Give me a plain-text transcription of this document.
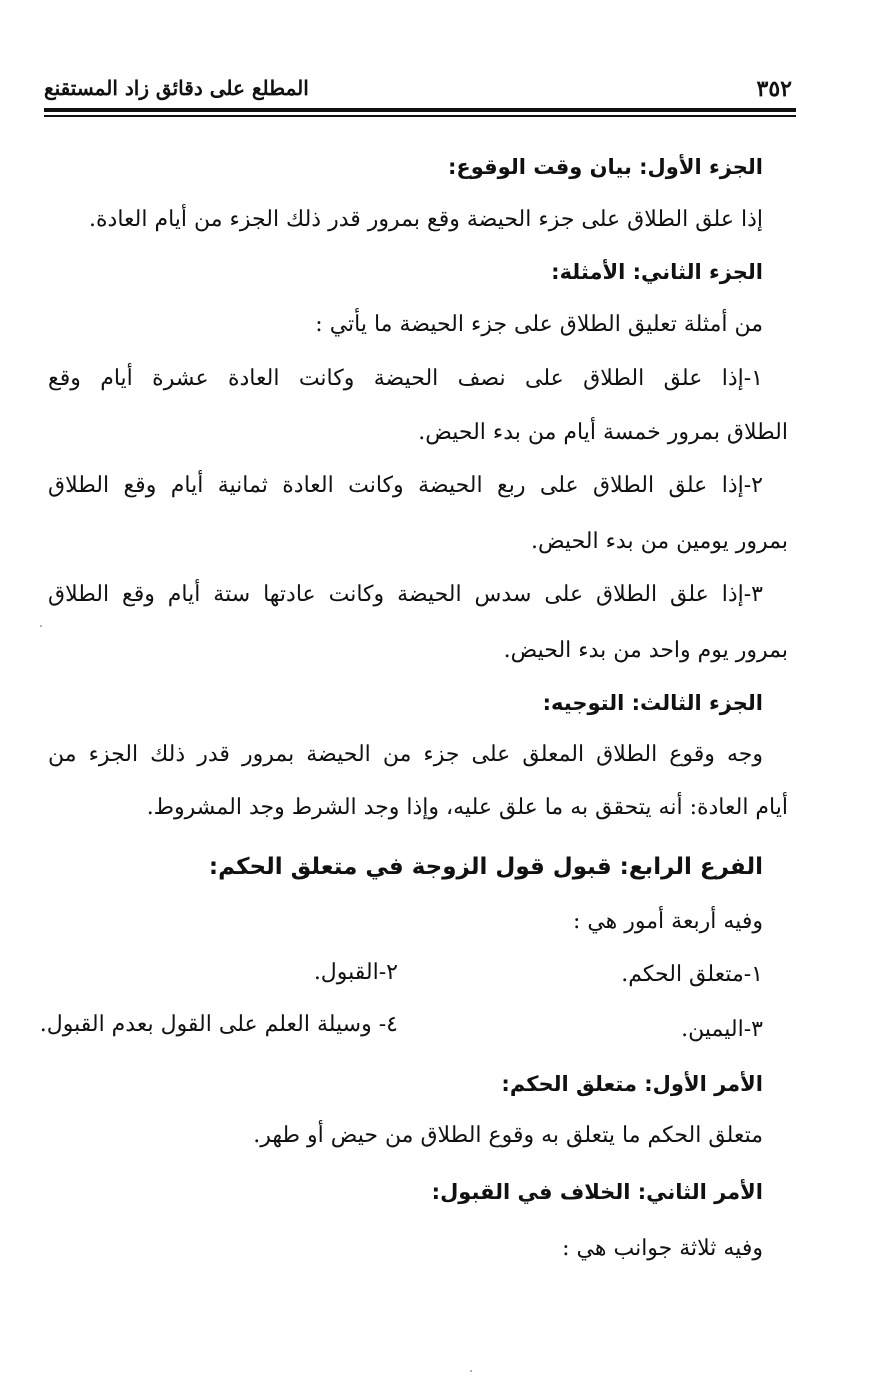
٣٥٢
المطلع على دقائق زاد المستقنع
الجزء الأول: بيان وقت الوقوع:
إذا علق الطلاق على جزء الحيضة وقع بمرور قدر ذلك الجزء من أيام العادة.
الجزء الثاني: الأمثلة:
من أمثلة تعليق الطلاق على جزء الحيضة ما يأتي :
١-إذا علق الطلاق على نصف الحيضة وكانت العادة عشرة أيام وقع
الطلاق بمرور خمسة أيام من بدء الحيض.
٢-إذا علق الطلاق على ربع الحيضة وكانت العادة ثمانية أيام وقع الطلاق
بمرور يومين من بدء الحيض.
٣-إذا علق الطلاق على سدس الحيضة وكانت عادتها ستة أيام وقع الطلاق
بمرور يوم واحد من بدء الحيض.
الجزء الثالث: التوجيه:
وجه وقوع الطلاق المعلق على جزء من الحيضة بمرور قدر ذلك الجزء من
أيام العادة: أنه يتحقق به ما علق عليه، وإذا وجد الشرط وجد المشروط.
الفرع الرابع: قبول قول الزوجة في متعلق الحكم:
وفيه أربعة أمور هي :
١-متعلق الحكم.
٢-القبول.
٣-اليمين.
٤- وسيلة العلم على القول بعدم القبول.
الأمر الأول: متعلق الحكم:
متعلق الحكم ما يتعلق به وقوع الطلاق من حيض أو طهر.
الأمر الثاني: الخلاف في القبول:
وفيه ثلاثة جوانب هي :
